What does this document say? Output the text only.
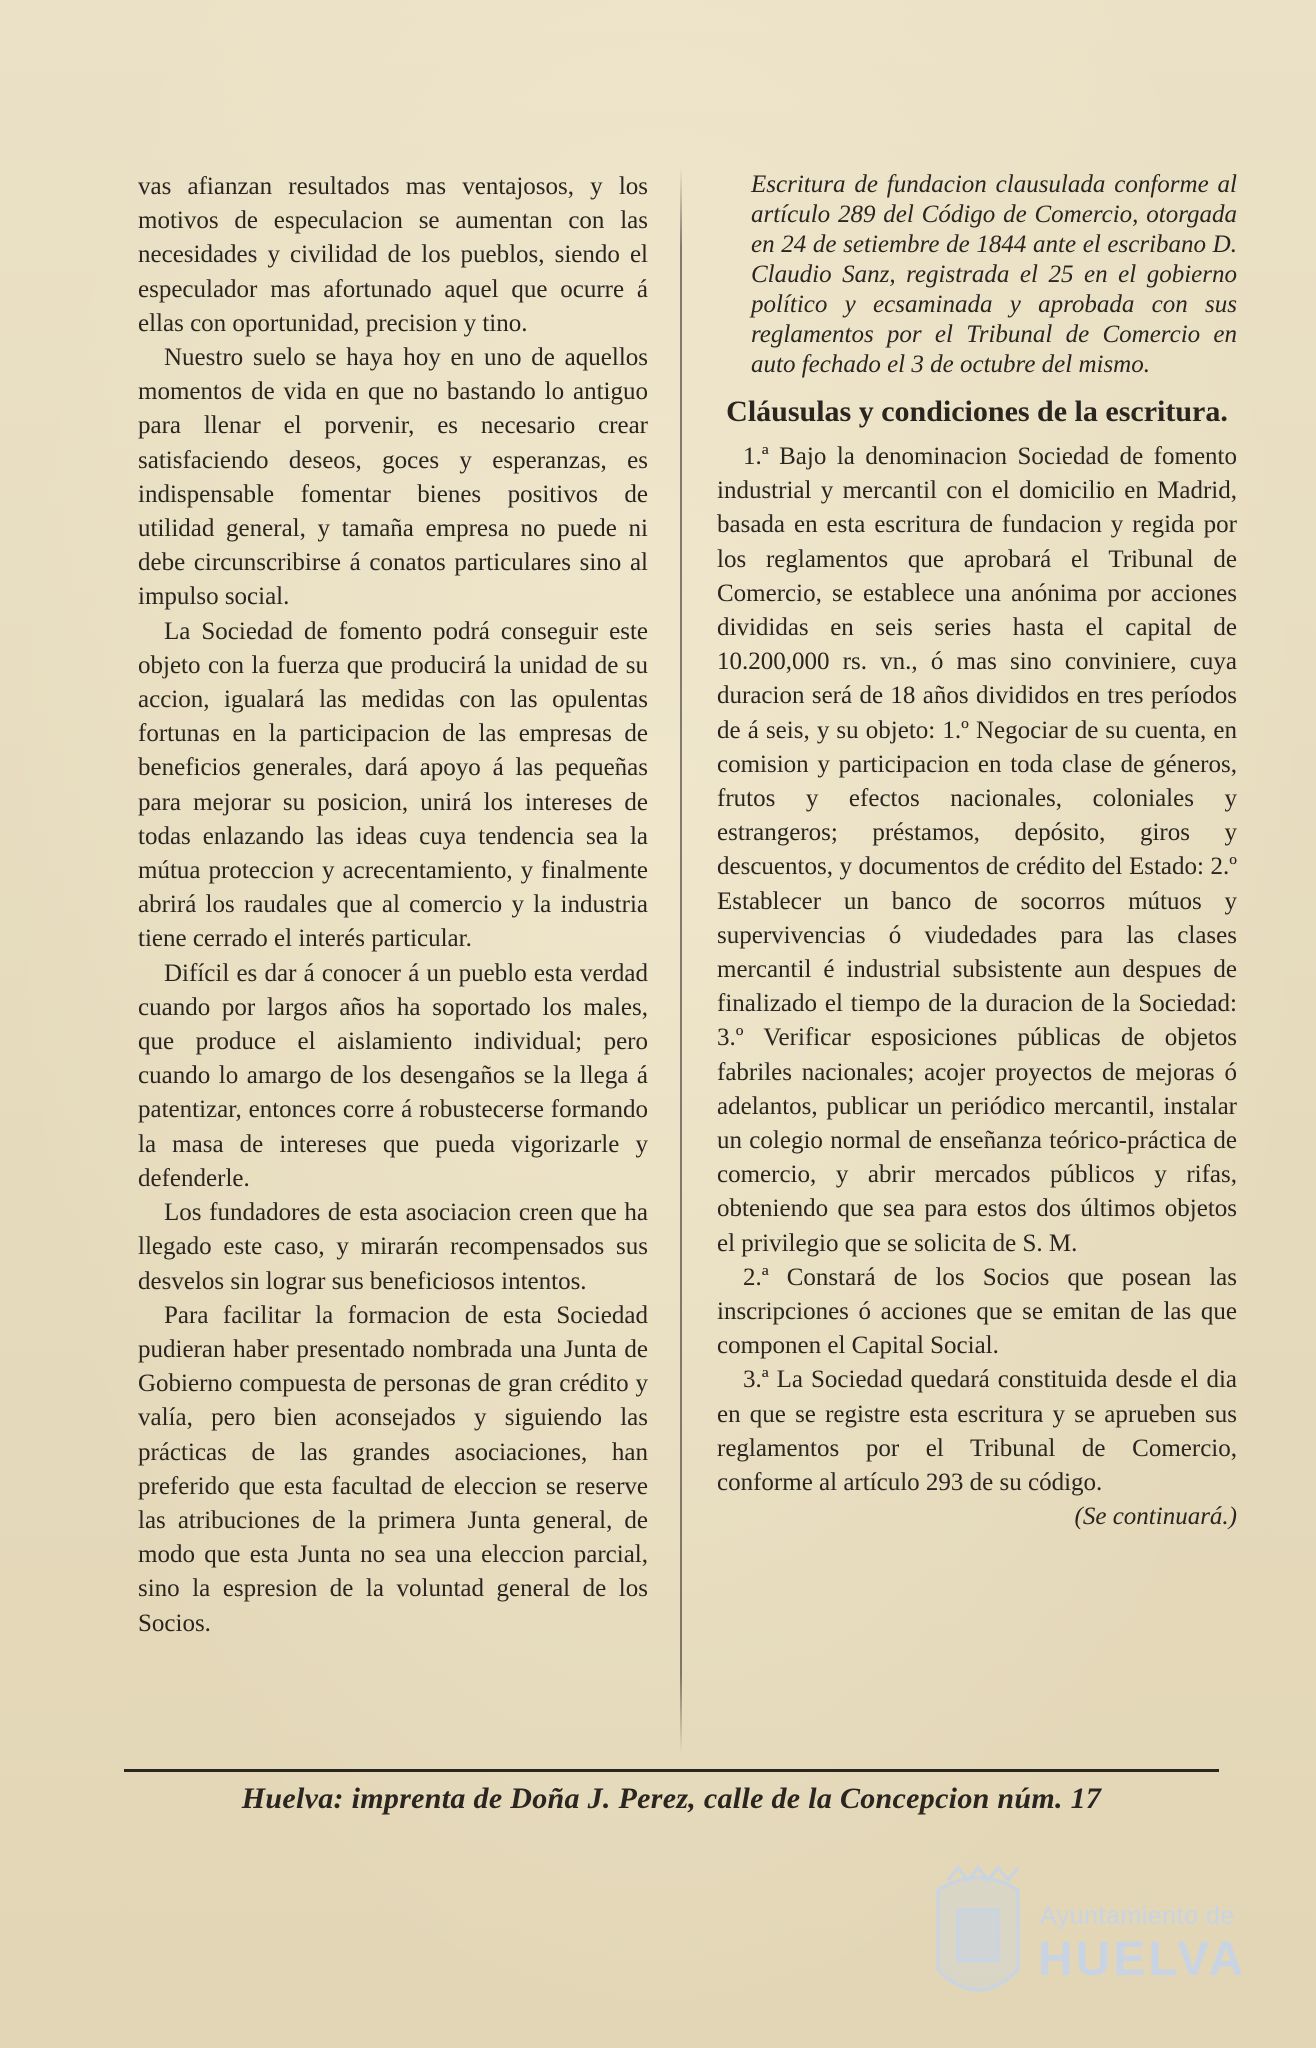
vas afianzan resultados mas ventajosos, y los motivos de especulacion se aumentan con las necesidades y civilidad de los pueblos, siendo el especulador mas afortunado aquel que ocurre á ellas con oportunidad, precision y tino.

Nuestro suelo se haya hoy en uno de aquellos momentos de vida en que no bastando lo antiguo para llenar el porvenir, es necesario crear satisfaciendo deseos, goces y esperanzas, es indispensable fomentar bienes positivos de utilidad general, y tamaña empresa no puede ni debe circunscribirse á conatos particulares sino al impulso social.

La Sociedad de fomento podrá conseguir este objeto con la fuerza que producirá la unidad de su accion, igualará las medidas con las opulentas fortunas en la participacion de las empresas de beneficios generales, dará apoyo á las pequeñas para mejorar su posicion, unirá los intereses de todas enlazando las ideas cuya tendencia sea la mútua proteccion y acrecentamiento, y finalmente abrirá los raudales que al comercio y la industria tiene cerrado el interés particular.

Difícil es dar á conocer á un pueblo esta verdad cuando por largos años ha soportado los males, que produce el aislamiento individual; pero cuando lo amargo de los desengaños se la llega á patentizar, entonces corre á robustecerse formando la masa de intereses que pueda vigorizarle y defenderle.

Los fundadores de esta asociacion creen que ha llegado este caso, y mirarán recompensados sus desvelos sin lograr sus beneficiosos intentos.

Para facilitar la formacion de esta Sociedad pudieran haber presentado nombrada una Junta de Gobierno compuesta de personas de gran crédito y valía, pero bien aconsejados y siguiendo las prácticas de las grandes asociaciones, han preferido que esta facultad de eleccion se reserve las atribuciones de la primera Junta general, de modo que esta Junta no sea una eleccion parcial, sino la espresion de la voluntad general de los Socios.

Escritura de fundacion clausulada conforme al artículo 289 del Código de Comercio, otorgada en 24 de setiembre de 1844 ante el escribano D. Claudio Sanz, registrada el 25 en el gobierno político y ecsaminada y aprobada con sus reglamentos por el Tribunal de Comercio en auto fechado el 3 de octubre del mismo.

Cláusulas y condiciones de la escritura.

1.ª Bajo la denominacion Sociedad de fomento industrial y mercantil con el domicilio en Madrid, basada en esta escritura de fundacion y regida por los reglamentos que aprobará el Tribunal de Comercio, se establece una anónima por acciones divididas en seis series hasta el capital de 10.200,000 rs. vn., ó mas sino conviniere, cuya duracion será de 18 años divididos en tres períodos de á seis, y su objeto: 1.º Negociar de su cuenta, en comision y participacion en toda clase de géneros, frutos y efectos nacionales, coloniales y estrangeros; préstamos, depósito, giros y descuentos, y documentos de crédito del Estado: 2.º Establecer un banco de socorros mútuos y supervivencias ó viudedades para las clases mercantil é industrial subsistente aun despues de finalizado el tiempo de la duracion de la Sociedad: 3.º Verificar esposiciones públicas de objetos fabriles nacionales; acojer proyectos de mejoras ó adelantos, publicar un periódico mercantil, instalar un colegio normal de enseñanza teórico-práctica de comercio, y abrir mercados públicos y rifas, obteniendo que sea para estos dos últimos objetos el privilegio que se solicita de S. M.

2.ª Constará de los Socios que posean las inscripciones ó acciones que se emitan de las que componen el Capital Social.

3.ª La Sociedad quedará constituida desde el dia en que se registre esta escritura y se aprueben sus reglamentos por el Tribunal de Comercio, conforme al artículo 293 de su código.
(Se continuará.)

Huelva: imprenta de Doña J. Perez, calle de la Concepcion núm. 17
Ayuntamiento de
HUELVA
